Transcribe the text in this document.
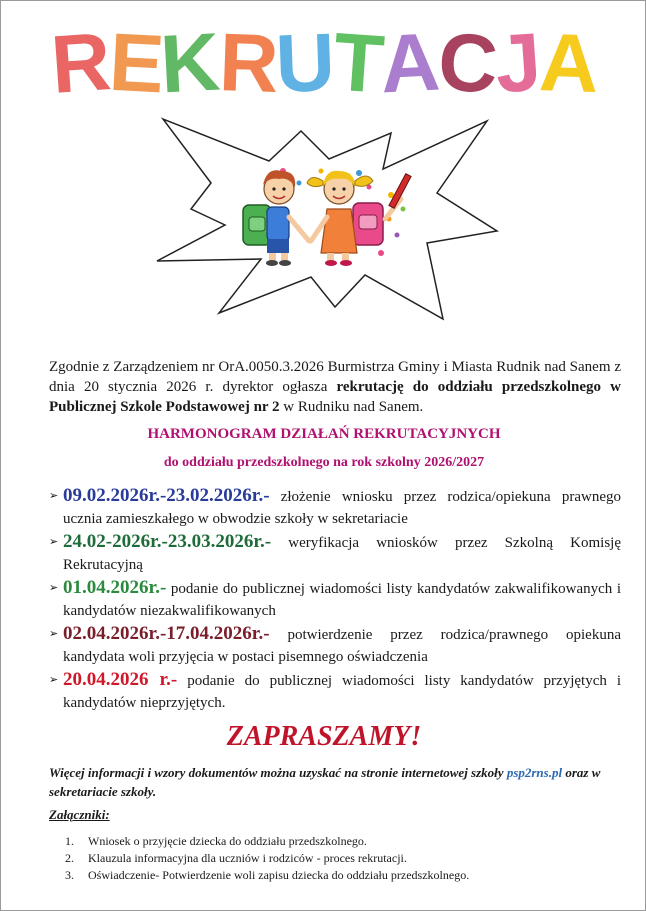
REKRUTACJA
Zgodnie z Zarządzeniem nr OrA.0050.3.2026 Burmistrza Gminy i Miasta Rudnik nad Sanem z dnia 20 stycznia 2026 r. dyrektor ogłasza rekrutację do oddziału przedszkolnego w Publicznej Szkole Podstawowej nr 2 w Rudniku nad Sanem.
HARMONOGRAM DZIAŁAŃ REKRUTACYJNYCH
do oddziału przedszkolnego na rok szkolny 2026/2027
➢ 09.02.2026r.-23.02.2026r.- złożenie wniosku przez rodzica/opiekuna prawnego ucznia zamieszkałego w obwodzie szkoły w sekretariacie
➢ 24.02-2026r.-23.03.2026r.- weryfikacja wniosków przez Szkolną Komisję Rekrutacyjną
➢ 01.04.2026r.- podanie do publicznej wiadomości listy kandydatów zakwalifikowanych i kandydatów niezakwalifikowanych
➢ 02.04.2026r.-17.04.2026r.- potwierdzenie przez rodzica/prawnego opiekuna kandydata woli przyjęcia w postaci pisemnego oświadczenia
➢ 20.04.2026 r.- podanie do publicznej wiadomości listy kandydatów przyjętych i kandydatów nieprzyjętych.
ZAPRASZAMY!
Więcej informacji i wzory dokumentów można uzyskać na stronie internetowej szkoły psp2rns.pl oraz w sekretariacie szkoły.
Załączniki:
1.	Wniosek o przyjęcie dziecka do oddziału przedszkolnego.
2.	Klauzula informacyjna dla uczniów i rodziców - proces rekrutacji.
3.	Oświadczenie- Potwierdzenie woli zapisu dziecka do oddziału przedszkolnego.
